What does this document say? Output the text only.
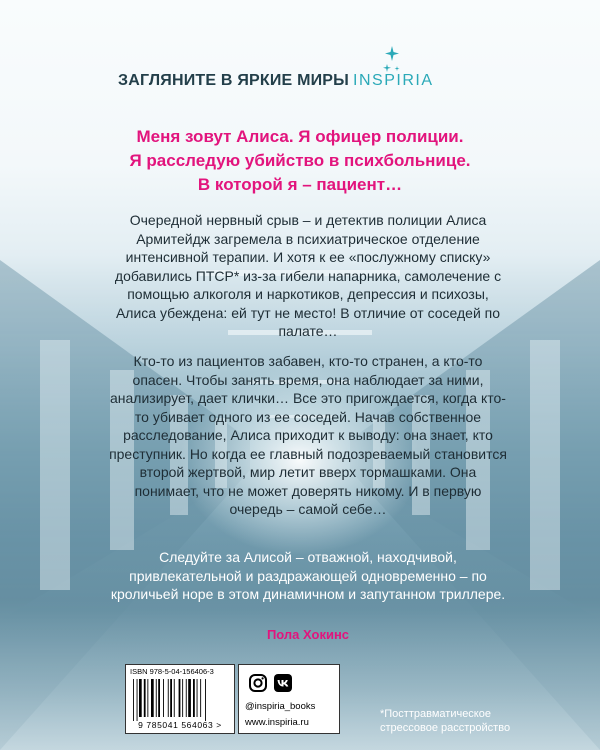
ЗАГЛЯНИТЕ В ЯРКИЕ МИРЫ INSPIRIA
Меня зовут Алиса. Я офицер полиции.
Я расследую убийство в психбольнице.
В которой я – пациент…
Очередной нервный срыв – и детектив полиции Алиса Армитейдж загремела в психиатрическое отделение интенсивной терапии. И хотя к ее «послужному списку» добавились ПТСР* из-за гибели напарника, самолечение с помощью алкоголя и наркотиков, депрессия и психозы, Алиса убеждена: ей тут не место! В отличие от соседей по палате…
Кто-то из пациентов забавен, кто-то странен, а кто-то опасен. Чтобы занять время, она наблюдает за ними, анализирует, дает клички… Все это пригождается, когда кто-то убивает одного из ее соседей. Начав собственное расследование, Алиса приходит к выводу: она знает, кто преступник. Но когда ее главный подозреваемый становится второй жертвой, мир летит вверх тормашками. Она понимает, что не может доверять никому. И в первую очередь – самой себе…
Следуйте за Алисой – отважной, находчивой, привлекательной и раздражающей одновременно – по кроличьей норе в этом динамичном и запутанном триллере.
Пола Хокинс
ISBN 978-5-04-156406-3
9 785041 564063 >
@inspiria_books
www.inspiria.ru
*Посттравматическое
стрессовое расстройство
